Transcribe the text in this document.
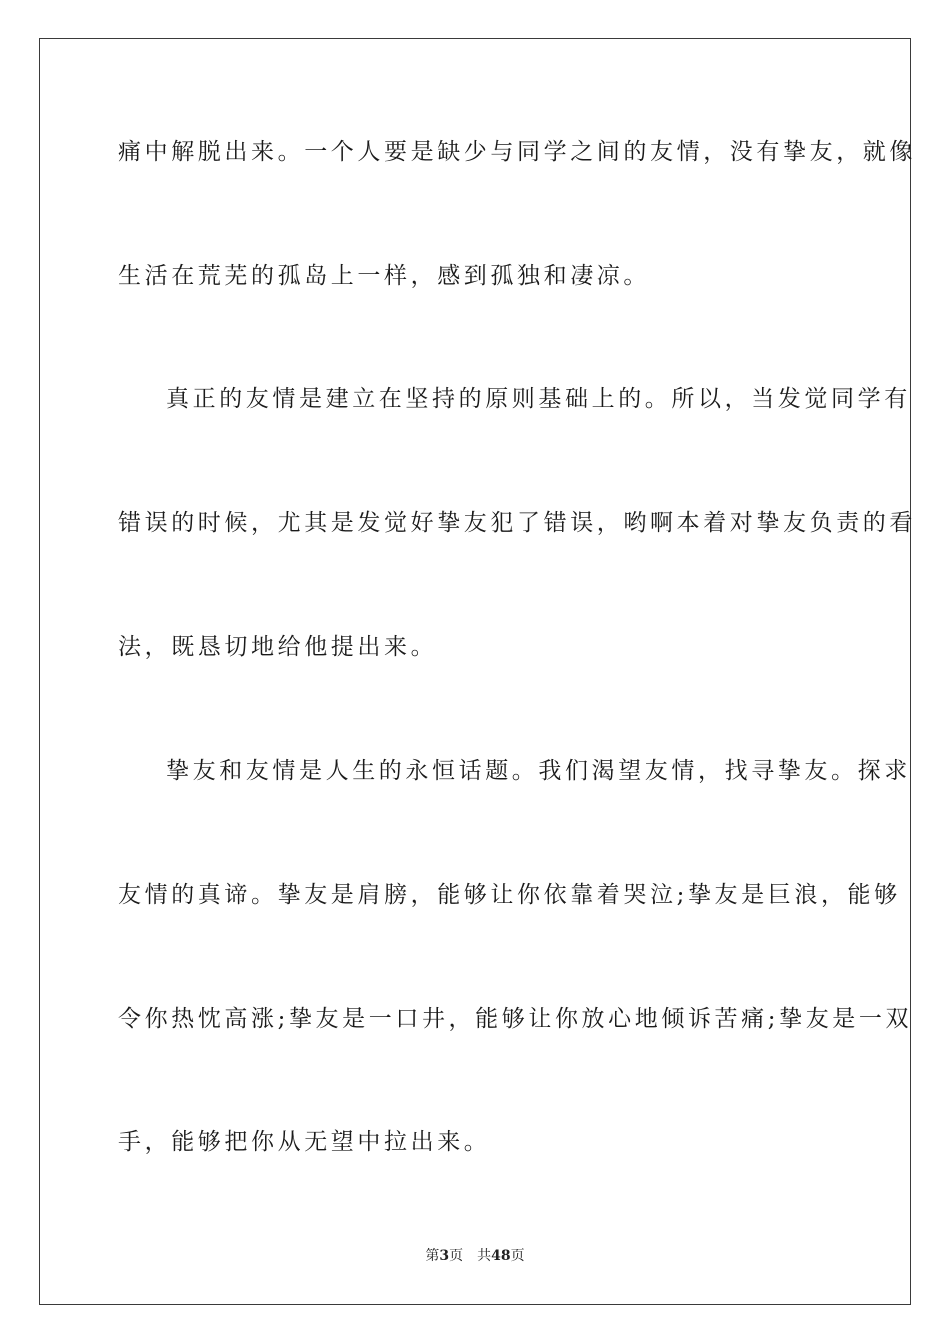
痛中解脱出来。一个人要是缺少与同学之间的友情，没有挚友，就像
生活在荒芜的孤岛上一样，感到孤独和凄凉。
真正的友情是建立在坚持的原则基础上的。所以，当发觉同学有
错误的时候，尤其是发觉好挚友犯了错误，哟啊本着对挚友负责的看
法，既恳切地给他提出来。
挚友和友情是人生的永恒话题。我们渴望友情，找寻挚友。探求
友情的真谛。挚友是肩膀，能够让你依靠着哭泣;挚友是巨浪，能够
令你热忱高涨;挚友是一口井，能够让你放心地倾诉苦痛;挚友是一双
手，能够把你从无望中拉出来。
第3页 共48页
